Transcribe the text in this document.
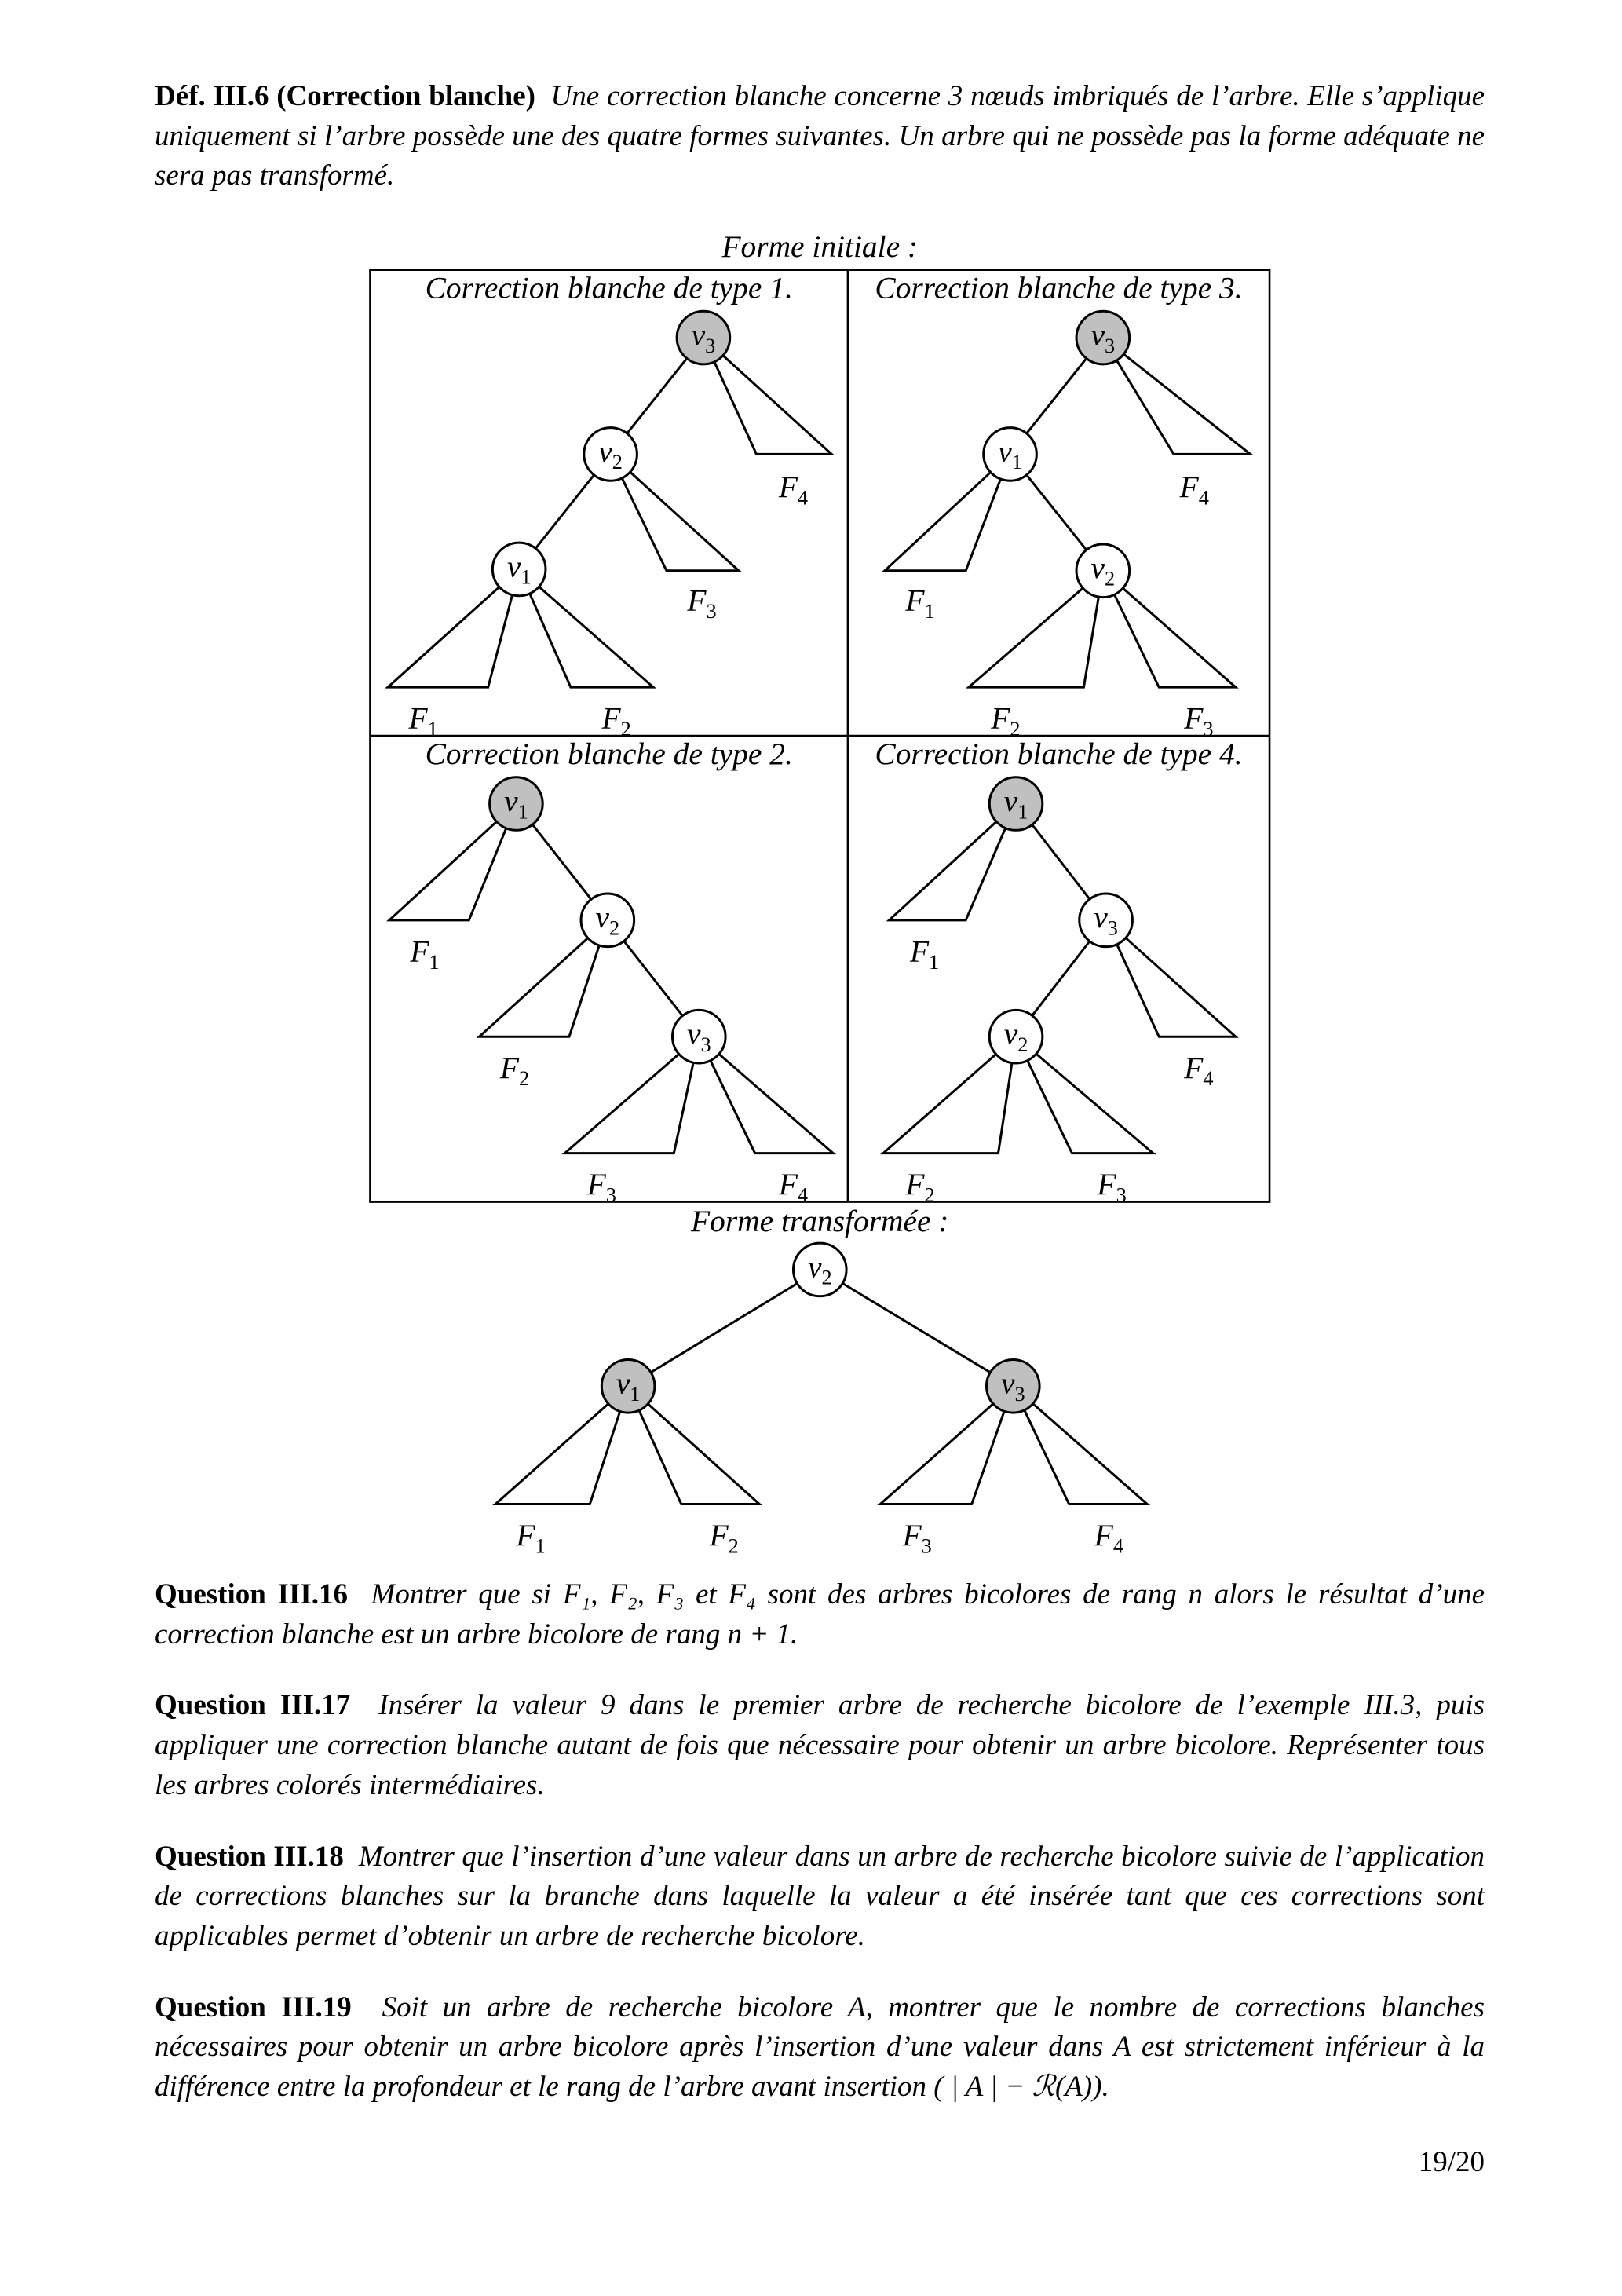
Déf. III.6 (Correction blanche) Une correction blanche concerne 3 nœuds imbriqués de l’arbre. Elle s’applique uniquement si l’arbre possède une des quatre formes suivantes. Un arbre qui ne possède pas la forme adéquate ne sera pas transformé.
Forme initiale :
Correction blanche de type 1.
$F_4$
$F_3$
$F_1$	$F_2$
$v_3$
$v_2$
$v_1$
Correction blanche de type 3.
$F_4$
$F_1$
$F_2$	$F_3$
$v_3$
$v_1$
$v_2$
Correction blanche de type 2.
$F_1$
$F_2$
$F_3$	$F_4$
$v_1$
$v_2$
$v_3$
Correction blanche de type 4.
$F_1$
$F_4$
$F_2$	$F_3$
$v_1$
$v_3$
$v_2$
Forme transformée :
$F_1$	$F_2$	$F_3$	$F_4$
$v_2$
$v_1$	$v_3$
Question III.16 Montrer que si F₁, F₂, F₃ et F₄ sont des arbres bicolores de rang n alors le résultat d’une correction blanche est un arbre bicolore de rang n + 1.
Question III.17 Insérer la valeur 9 dans le premier arbre de recherche bicolore de l’exemple III.3, puis appliquer une correction blanche autant de fois que nécessaire pour obtenir un arbre bicolore. Représenter tous les arbres colorés intermédiaires.
Question III.18 Montrer que l’insertion d’une valeur dans un arbre de recherche bicolore suivie de l’application de corrections blanches sur la branche dans laquelle la valeur a été insérée tant que ces corrections sont applicables permet d’obtenir un arbre de recherche bicolore.
Question III.19 Soit un arbre de recherche bicolore A, montrer que le nombre de corrections blanches nécessaires pour obtenir un arbre bicolore après l’insertion d’une valeur dans A est strictement inférieur à la différence entre la profondeur et le rang de l’arbre avant insertion ( | A | − ℛ(A)).
19/20
